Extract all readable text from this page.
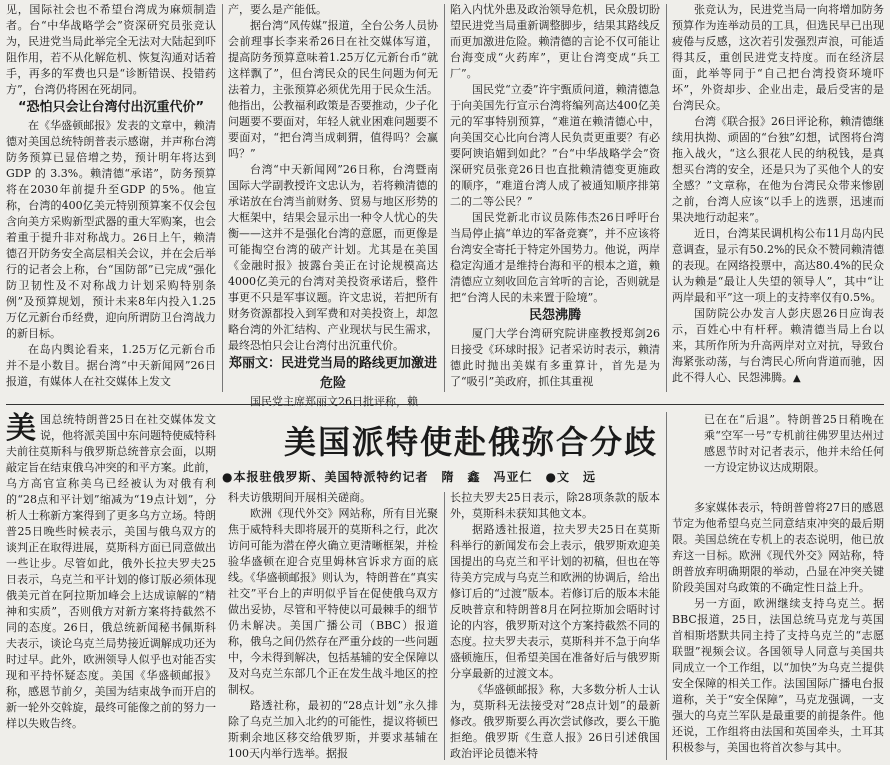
见，国际社会也不希望台湾成为麻烦制造者。台“中华战略学会”资深研究员张竞认为，民进党当局此举完全无法对大陆起到吓阻作用，若不从化解危机、恢复沟通对话着手，再多的军费也只是“诊断错误、投错药方”，台湾仍将困在死胡同。

“恐怕只会让台湾付出沉重代价”

在《华盛顿邮报》发表的文章中，赖清德对美国总统特朗普表示感谢，并声称台湾防务预算已显倍增之势，预计明年将达到 GDP 的 3.3%。赖清德“承诺”，防务预算将在2030年前提升至GDP 的5%。他宣称，台湾的400亿美元特别预算案不仅会包含向美方采购新型武器的重大军购案，也会着重于提升非对称战力。26日上午，赖清德召开防务安全高层相关会议，并在会后举行的记者会上称，台“国防部”已完成“强化防卫韧性及不对称战力计划采购特别条例”及预算规划，预计未来8年内投入1.25万亿元新台币经费，迎向所谓防卫台湾战力的新目标。

在岛内舆论看来，1.25万亿元新台币并不是小数目。据台湾“中天新闻网”26日报道，有媒体人在社交媒体上发文

产，要么是产能低。

据台湾“风传媒”报道，全台公务人员协会前理事长李来希26日在社交媒体写道，提高防务预算意味着1.25万亿元新台币“就这样飘了”，但台湾民众的民生问题为何无法着力，主张预算必须优先用于民众生活。他指出，公教福利政策是否要推动，少子化问题要不要面对，年轻人就业困难问题要不要面对，“把台湾当成刺猬，值得吗？会赢吗？”

台湾“中天新闻网”26日称，台湾暨南国际大学副教授许文忠认为，若将赖清德的承诺放在台湾当前财务、贸易与地区形势的大框架中，结果会显示出一种令人忧心的失衡——这并不是强化台湾的意愿，而更像是可能掏空台湾的破产计划。尤其是在美国《金融时报》披露台美正在讨论规模高达4000亿美元的台湾对美投资承诺后，整件事更不只是军事议题。许文忠说，若把所有财务资源都投入到军费和对美投资上，却忽略台湾的外汇结构、产业现状与民生需求，最终恐怕只会让台湾付出沉重代价。

郑丽文：民进党当局的路线更加激进危险

国民党主席郑丽文26日批评称，赖

陷入内忧外患及政治领导危机，民众殷切盼望民进党当局重新调整脚步，结果其路线反而更加激进危险。赖清德的言论不仅可能让台海变成“火药库”，更让台湾变成“兵工厂”。

国民党“立委”许宇甄质问道，赖清德急于向美国先行宣示台湾将编列高达400亿美元的军事特别预算，“难道在赖清德心中，向美国交心比向台湾人民负责更重要？有必要阿谀谄媚到如此？”台“中华战略学会”资深研究员张竞26日也直批赖清德变更施政的顺序，“难道台湾人成了被通知顺序排第二的二等公民？”

国民党新北市议员陈伟杰26日呼吁台当局停止搞“单边的军备竞赛”，并不应该将台湾安全寄托于特定外国势力。他说，两岸稳定沟通才是维持台海和平的根本之道，赖清德应立刻收回危言耸听的言论，否则就是把“台湾人民的未来置于险境”。

民怨沸腾

厦门大学台湾研究院讲座教授郑剑26日接受《环球时报》记者采访时表示，赖清德此时抛出美媒有多重算计，首先是为了“吸引”美政府，抓住其重视

张竞认为，民进党当局一向将增加防务预算作为连举动员的工具，但选民早已出现疲倦与反感，这次若引发强烈声浪，可能适得其反，重创民进党支持度。而在经济层面，此举等同于“自己把台湾投资环境吓坏”，外资却步、企业出走，最后受害的是台湾民众。

台湾《联合报》26日评论称，赖清德继续用执拗、顽固的“台独”幻想，试图将台湾拖入战火，“这么狠花人民的纳税钱，是真想买台湾的安全，还是只为了买他个人的安全感？”文章称，在他为台湾民众带来惨剧之前，台湾人应该“以手上的选票，迅速而果决地行动起来”。

近日，台湾某民调机构公布11月岛内民意调查，显示有50.2%的民众不赞同赖清德的表现。在网络投票中，高达80.4%的民众认为赖是“最让人失望的领导人”，其中“让两岸最和平”这一项上的支持率仅有0.5%。

国防院公办发言人彭庆恩26日应询表示，百姓心中有杆秤。赖清德当局上台以来，其所作所为升高两岸对立对抗，导致台海紧张动荡，与台湾民心所向背道而驰，因此不得人心、民怨沸腾。▲

美国派特使赴俄弥合分歧
●本报驻俄罗斯、美国特派特约记者　隋　鑫　冯亚仁　●文　远

美国总统特朗普25日在社交媒体发文说，他将派美国中东问题特使威特科夫前往莫斯科与俄罗斯总统普京会面，以期敲定旨在结束俄乌冲突的和平方案。此前，乌方高官宣称美乌已经被认为对俄有利的“28点和平计划”缩减为“19点计划”，分析人士称新方案得到了更多乌方立场。特朗普25日晚些时候表示，美国与俄乌双方的谈判正在取得进展，莫斯科方面已同意做出一些让步。尽管如此，俄外长拉夫罗夫25日表示，乌克兰和平计划的修订版必须体现俄美元首在阿拉斯加峰会上达成谅解的“精神和实质”，否则俄方对新方案将持截然不同的态度。26日，俄总统新闻秘书佩斯科夫表示，谈论乌克兰局势接近调解成功还为时过早。此外，欧洲领导人似乎也对能否实现和平持怀疑态度。美国《华盛顿邮报》称，感恩节前夕，美国为结束战争而开启的新一轮外交斡旋，最终可能像之前的努力一样以失败告终。

科夫访俄期间开展相关磋商。

欧洲《现代外交》网站称，所有目光聚焦于威特科夫即将展开的莫斯科之行，此次访问可能为潜在停火确立更清晰框架，并检验华盛顿在迎合克里姆林宫诉求方面的底线。《华盛顿邮报》则认为，特朗普在“真实社交”平台上的声明似乎旨在促使俄乌双方做出妥协，尽管和平特使以可最棘手的细节仍未解决。美国广播公司（BBC）报道称，俄乌之间仍然存在严重分歧的一些问题中，今未得到解决，包括基辅的安全保障以及对乌克兰东部几个正在发生战斗地区的控制权。

路透社称，最初的“28点计划”永久排除了乌克兰加入北约的可能性，提议将顿巴斯剩余地区移交给俄罗斯，并要求基辅在100天内举行选举。据报

长拉夫罗夫25日表示，除28项条款的版本外，莫斯科未获知其他文本。

据路透社报道，拉夫罗夫25日在莫斯科举行的新闻发布会上表示，俄罗斯欢迎美国提出的乌克兰和平计划的初稿，但也在等待美方完成与乌克兰和欧洲的协调后，给出修订后的“过渡”版本。若修订后的版本未能反映普京和特朗普8月在阿拉斯加会晤时讨论的内容，俄罗斯对这个方案持截然不同的态度。拉夫罗夫表示，莫斯科并不急于向华盛顿施压，但希望美国在准备好后与俄罗斯分享最新的过渡文本。

《华盛顿邮报》称，大多数分析人士认为，莫斯科无法接受对“28点计划”的最新修改。俄罗斯要么再次尝试修改，要么干脆拒绝。俄罗斯《生意人报》26日引述俄国政治评论员德米特

已在在“后退”。特朗普25日稍晚在乘“空军一号”专机前往佛罗里达州过感恩节时对记者表示，他并未给任何一方设定协议达成期限。

多家媒体表示，特朗普曾将27日的感恩节定为他希望乌克兰同意结束冲突的最后期限。美国总统在专机上的表态说明，他已放弃这一目标。欧洲《现代外交》网站称，特朗普放弃明确期限的举动，凸显在冲突关键阶段美国对乌政策的不确定性日益上升。

另一方面，欧洲继续支持乌克兰。据BBC报道，25日，法国总统马克龙与英国首相斯塔默共同主持了支持乌克兰的“志愿联盟”视频会议。各国领导人同意与美国共同成立一个工作组，以“加快”为乌克兰提供安全保障的相关工作。法国国际广播电台报道称，关于“安全保障”，马克龙强调，一支强大的乌克兰军队是最重要的前提条件。他还说，工作组将由法国和英国牵头，土耳其积极参与，美国也将首次参与其中。
